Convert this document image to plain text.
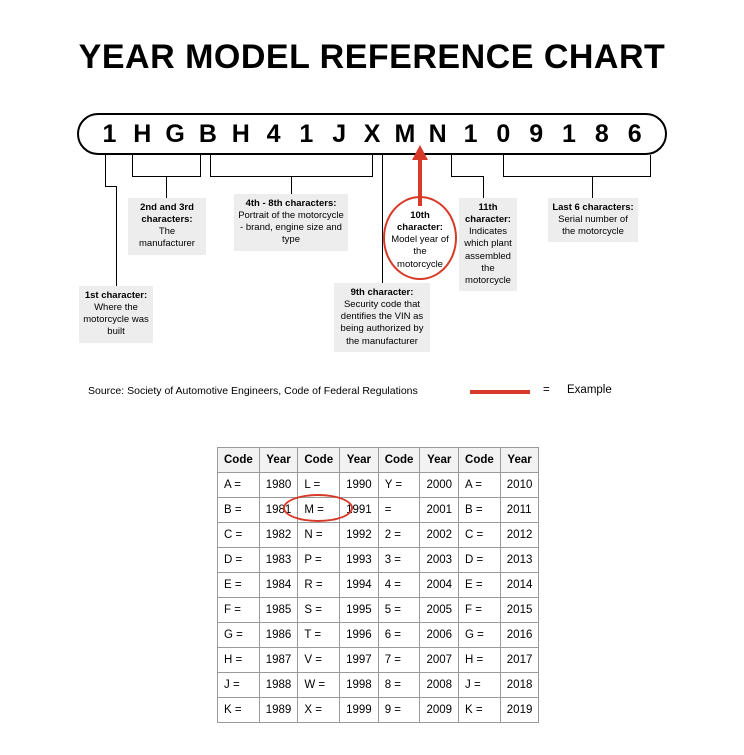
YEAR MODEL REFERENCE CHART
1 H G B H 4 1 J X M N 1 0 9 1 8 6
1st character:
Where the motorcycle was built
2nd and 3rd characters:
The manufacturer
4th - 8th characters:
Portrait of the motorcycle - brand, engine size and type
9th character: Security code that dentifies the VIN as being authorized by the manufacturer
10th character:
Model year of the motorcycle
11th character:
Indicates which plant assembled the motorcycle
Last 6 characters:
Serial number of the motorcycle
Source: Society of Automotive Engineers, Code of Federal Regulations	= Example
Code	Year	Code	Year	Code	Year	Code	Year
A =	1980	L =	1990	Y =	2000	A =	2010
B =	1981	M =	1991	=	2001	B =	2011
C =	1982	N =	1992	2 =	2002	C =	2012
D =	1983	P =	1993	3 =	2003	D =	2013
E =	1984	R =	1994	4 =	2004	E =	2014
F =	1985	S =	1995	5 =	2005	F =	2015
G =	1986	T =	1996	6 =	2006	G =	2016
H =	1987	V =	1997	7 =	2007	H =	2017
J =	1988	W =	1998	8 =	2008	J =	2018
K =	1989	X =	1999	9 =	2009	K =	2019
